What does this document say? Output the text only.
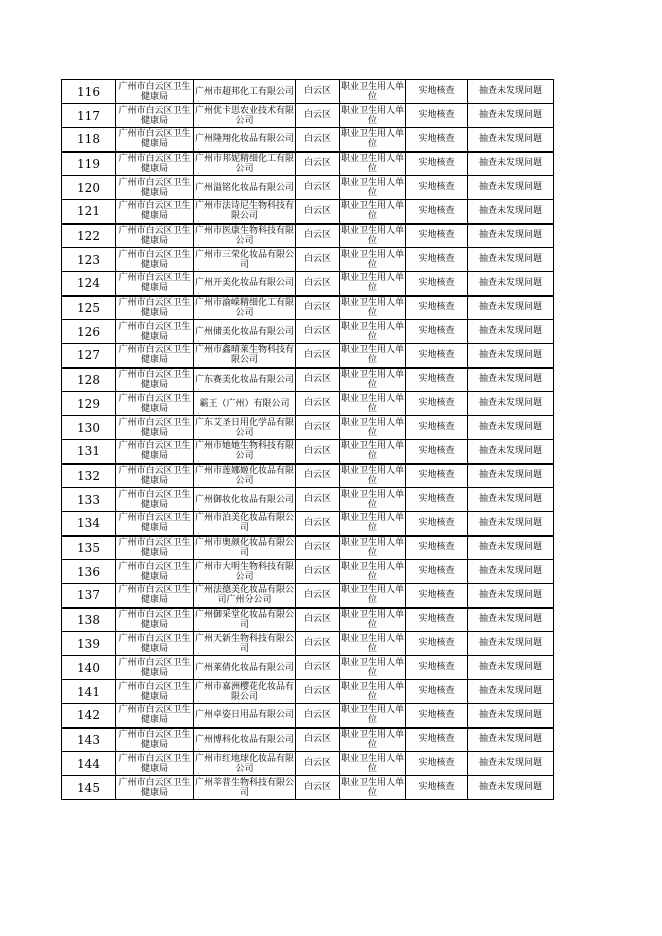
116	广州市白云区卫生健康局	广州市超邦化工有限公司	白云区	职业卫生用人单位	实地核查	抽查未发现问题
117	广州市白云区卫生健康局	广州优卡思农业技术有限公司	白云区	职业卫生用人单位	实地核查	抽查未发现问题
118	广州市白云区卫生健康局	广州隆翔化妆品有限公司	白云区	职业卫生用人单位	实地核查	抽查未发现问题
119	广州市白云区卫生健康局	广州市邦妮精细化工有限公司	白云区	职业卫生用人单位	实地核查	抽查未发现问题
120	广州市白云区卫生健康局	广州溢铭化妆品有限公司	白云区	职业卫生用人单位	实地核查	抽查未发现问题
121	广州市白云区卫生健康局	广州市法诗尼生物科技有限公司	白云区	职业卫生用人单位	实地核查	抽查未发现问题
122	广州市白云区卫生健康局	广州市医康生物科技有限公司	白云区	职业卫生用人单位	实地核查	抽查未发现问题
123	广州市白云区卫生健康局	广州市三荣化妆品有限公司	白云区	职业卫生用人单位	实地核查	抽查未发现问题
124	广州市白云区卫生健康局	广州开美化妆品有限公司	白云区	职业卫生用人单位	实地核查	抽查未发现问题
125	广州市白云区卫生健康局	广州市渝嵘精细化工有限公司	白云区	职业卫生用人单位	实地核查	抽查未发现问题
126	广州市白云区卫生健康局	广州储美化妆品有限公司	白云区	职业卫生用人单位	实地核查	抽查未发现问题
127	广州市白云区卫生健康局	广州市鑫晴莱生物科技有限公司	白云区	职业卫生用人单位	实地核查	抽查未发现问题
128	广州市白云区卫生健康局	广东赛美化妆品有限公司	白云区	职业卫生用人单位	实地核查	抽查未发现问题
129	广州市白云区卫生健康局	霸王（广州）有限公司	白云区	职业卫生用人单位	实地核查	抽查未发现问题
130	广州市白云区卫生健康局	广东艾圣日用化学品有限公司	白云区	职业卫生用人单位	实地核查	抽查未发现问题
131	广州市白云区卫生健康局	广州市她她生物科技有限公司	白云区	职业卫生用人单位	实地核查	抽查未发现问题
132	广州市白云区卫生健康局	广州市莲娜姬化妆品有限公司	白云区	职业卫生用人单位	实地核查	抽查未发现问题
133	广州市白云区卫生健康局	广州御妆化妆品有限公司	白云区	职业卫生用人单位	实地核查	抽查未发现问题
134	广州市白云区卫生健康局	广州市泊美化妆品有限公司	白云区	职业卫生用人单位	实地核查	抽查未发现问题
135	广州市白云区卫生健康局	广州市奥颜化妆品有限公司	白云区	职业卫生用人单位	实地核查	抽查未发现问题
136	广州市白云区卫生健康局	广州市大明生物科技有限公司	白云区	职业卫生用人单位	实地核查	抽查未发现问题
137	广州市白云区卫生健康局	广州法德美化妆品有限公司广州分公司	白云区	职业卫生用人单位	实地核查	抽查未发现问题
138	广州市白云区卫生健康局	广州御采堂化妆品有限公司	白云区	职业卫生用人单位	实地核查	抽查未发现问题
139	广州市白云区卫生健康局	广州天新生物科技有限公司	白云区	职业卫生用人单位	实地核查	抽查未发现问题
140	广州市白云区卫生健康局	广州莱倩化妆品有限公司	白云区	职业卫生用人单位	实地核查	抽查未发现问题
141	广州市白云区卫生健康局	广州市嘉洲樱花化妆品有限公司	白云区	职业卫生用人单位	实地核查	抽查未发现问题
142	广州市白云区卫生健康局	广州卓姿日用品有限公司	白云区	职业卫生用人单位	实地核查	抽查未发现问题
143	广州市白云区卫生健康局	广州博科化妆品有限公司	白云区	职业卫生用人单位	实地核查	抽查未发现问题
144	广州市白云区卫生健康局	广州市红地球化妆品有限公司	白云区	职业卫生用人单位	实地核查	抽查未发现问题
145	广州市白云区卫生健康局	广州莘普生物科技有限公司	白云区	职业卫生用人单位	实地核查	抽查未发现问题
